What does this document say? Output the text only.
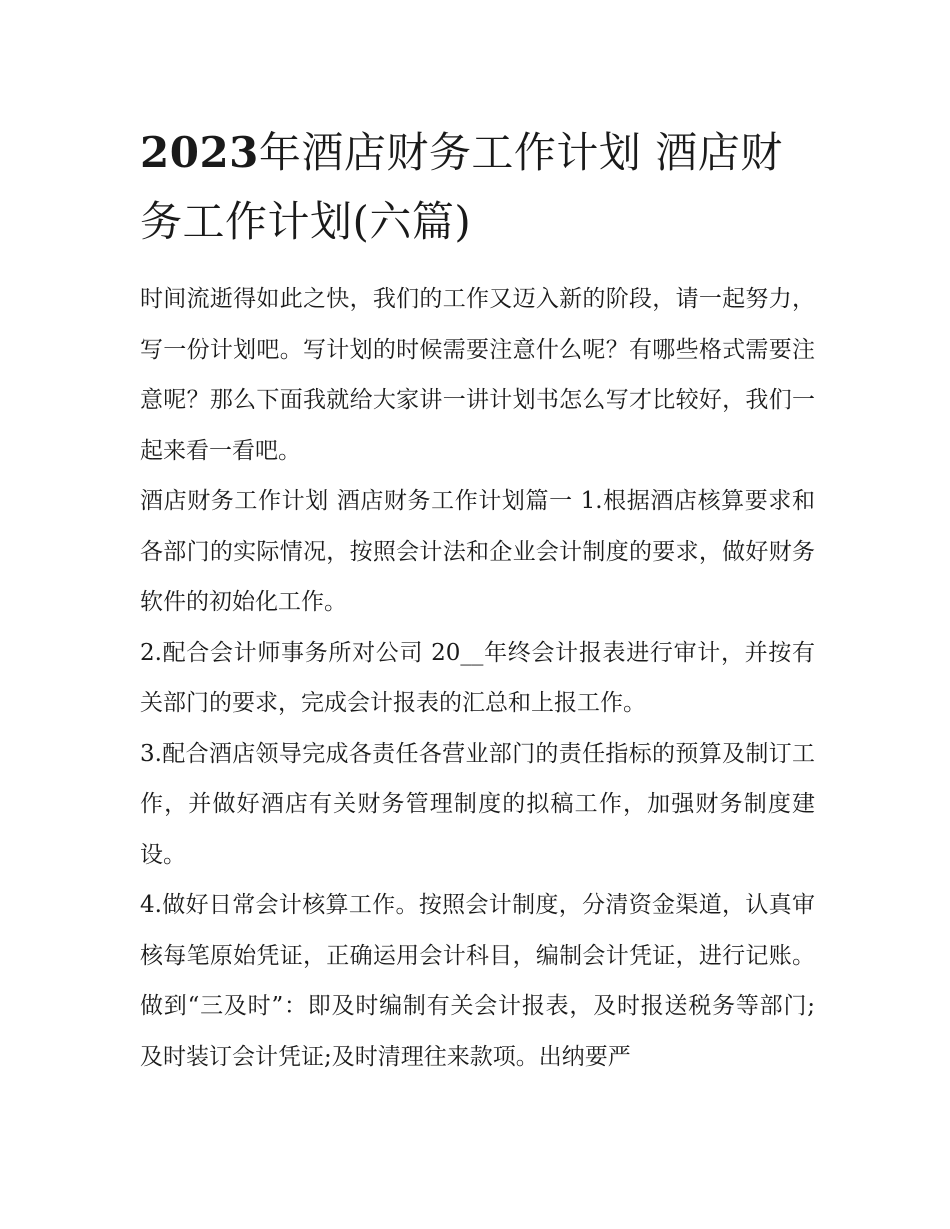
2023年酒店财务工作计划 酒店财务工作计划(六篇)

时间流逝得如此之快，我们的工作又迈入新的阶段，请一起努力，写一份计划吧。写计划的时候需要注意什么呢？有哪些格式需要注意呢？那么下面我就给大家讲一讲计划书怎么写才比较好，我们一起来看一看吧。

酒店财务工作计划 酒店财务工作计划篇一 1.根据酒店核算要求和各部门的实际情况，按照会计法和企业会计制度的要求，做好财务软件的初始化工作。

2.配合会计师事务所对公司 20__年终会计报表进行审计，并按有关部门的要求，完成会计报表的汇总和上报工作。

3.配合酒店领导完成各责任各营业部门的责任指标的预算及制订工作，并做好酒店有关财务管理制度的拟稿工作，加强财务制度建设。

4.做好日常会计核算工作。按照会计制度，分清资金渠道，认真审核每笔原始凭证，正确运用会计科目，编制会计凭证，进行记账。做到“三及时”：即及时编制有关会计报表，及时报送税务等部门;及时装订会计凭证;及时清理往来款项。出纳要严
